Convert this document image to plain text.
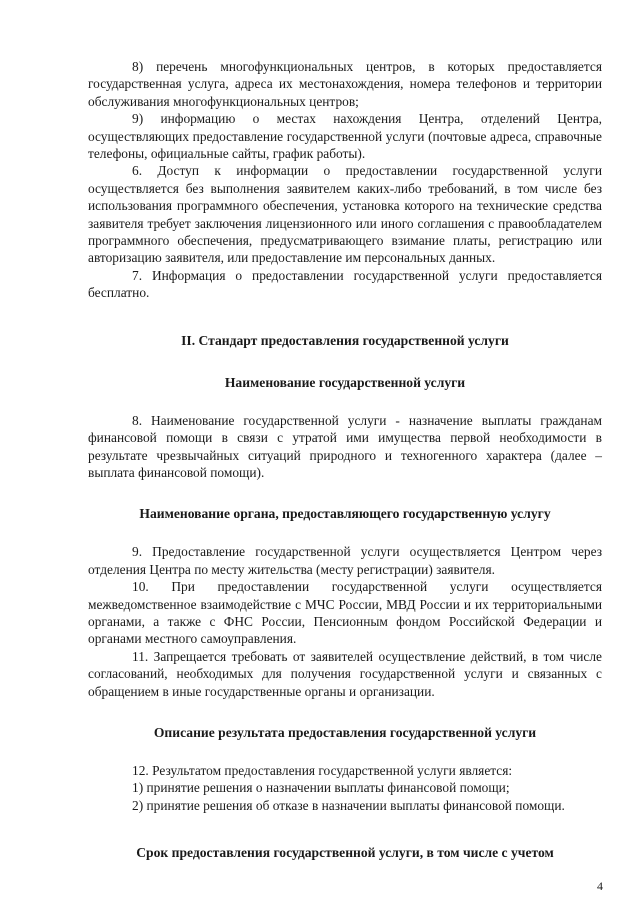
8) перечень многофункциональных центров, в которых предоставляется государственная услуга, адреса их местонахождения, номера телефонов и территории обслуживания многофункциональных центров;

9) информацию о местах нахождения Центра, отделений Центра, осуществляющих предоставление государственной услуги (почтовые адреса, справочные телефоны, официальные сайты, график работы).

6. Доступ к информации о предоставлении государственной услуги осуществляется без выполнения заявителем каких-либо требований, в том числе без использования программного обеспечения, установка которого на технические средства заявителя требует заключения лицензионного или иного соглашения с правообладателем программного обеспечения, предусматривающего взимание платы, регистрацию или авторизацию заявителя, или предоставление им персональных данных.

7. Информация о предоставлении государственной услуги предоставляется бесплатно.

II. Стандарт предоставления государственной услуги
Наименование государственной услуги

8. Наименование государственной услуги - назначение выплаты гражданам финансовой помощи в связи с утратой ими имущества первой необходимости в результате чрезвычайных ситуаций природного и техногенного характера (далее – выплата финансовой помощи).

Наименование органа, предоставляющего государственную услугу

9. Предоставление государственной услуги осуществляется Центром через отделения Центра по месту жительства (месту регистрации) заявителя.

10. При предоставлении государственной услуги осуществляется межведомственное взаимодействие с МЧС России, МВД России и их территориальными органами, а также с ФНС России, Пенсионным фондом Российской Федерации и органами местного самоуправления.

11. Запрещается требовать от заявителей осуществление действий, в том числе согласований, необходимых для получения государственной услуги и связанных с обращением в иные государственные органы и организации.

Описание результата предоставления государственной услуги

12. Результатом предоставления государственной услуги является:

1) принятие решения о назначении выплаты финансовой помощи;

2) принятие решения об отказе в назначении выплаты финансовой помощи.

Срок предоставления государственной услуги, в том числе с учетом
4
